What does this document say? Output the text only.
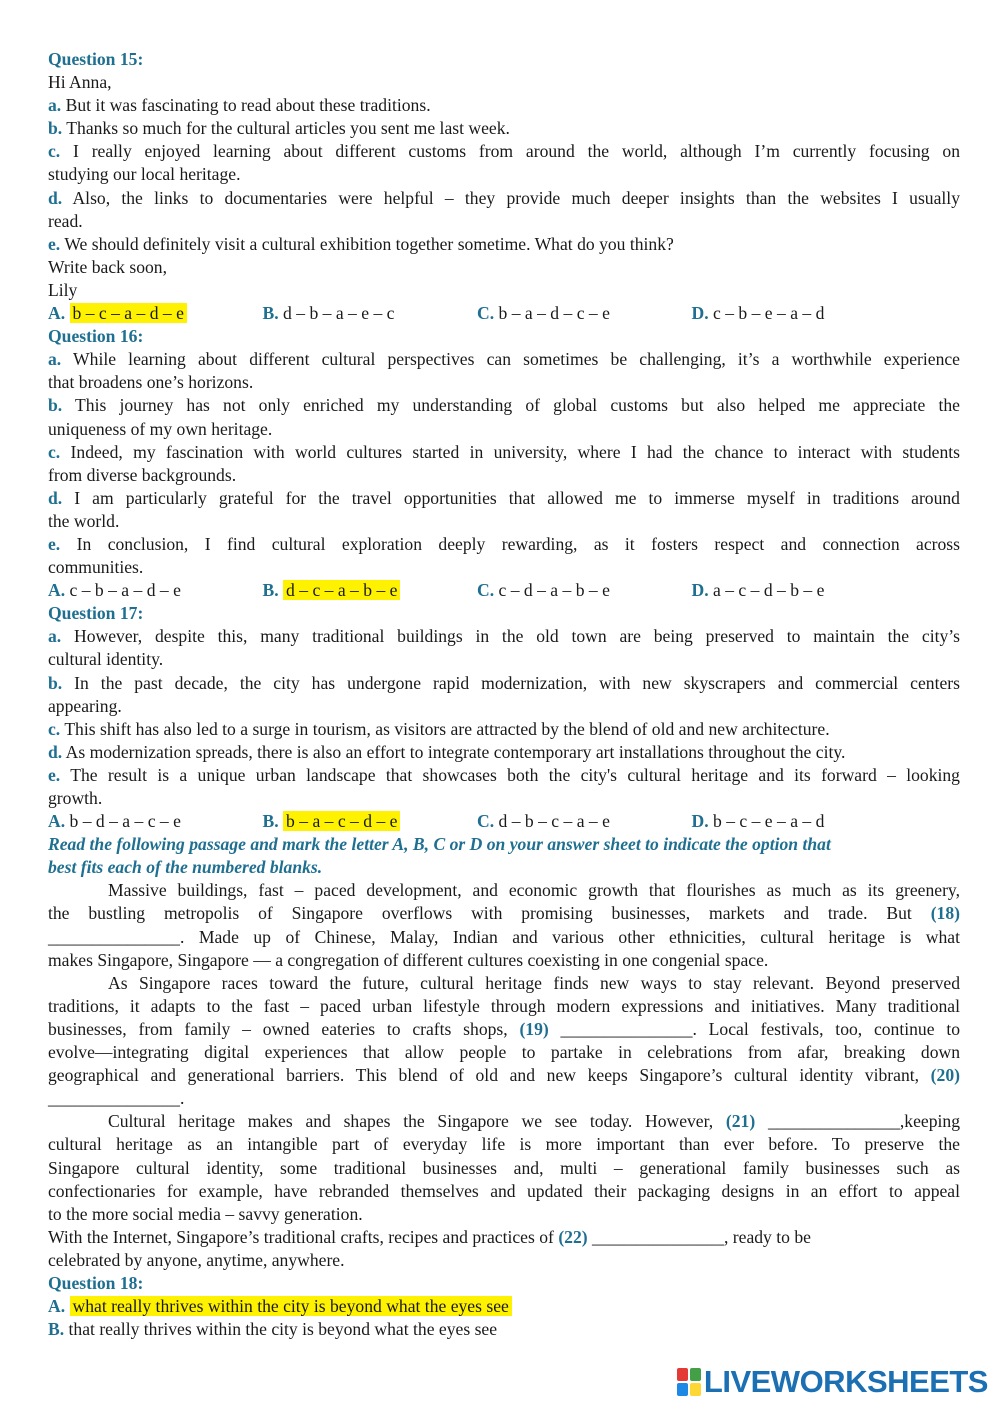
Question 15:
Hi Anna,
a. But it was fascinating to read about these traditions.
b. Thanks so much for the cultural articles you sent me last week.
c. I really enjoyed learning about different customs from around the world, although I’m currently focusing on
studying our local heritage.
d. Also, the links to documentaries were helpful – they provide much deeper insights than the websites I usually
read.
e. We should definitely visit a cultural exhibition together sometime. What do you think?
Write back soon,
Lily
A. b – c – a – d – e	B. d – b – a – e – c	C. b – a – d – c – e	D. c – b – e – a – d
Question 16:
a. While learning about different cultural perspectives can sometimes be challenging, it’s a worthwhile experience
that broadens one’s horizons.
b. This journey has not only enriched my understanding of global customs but also helped me appreciate the
uniqueness of my own heritage.
c. Indeed, my fascination with world cultures started in university, where I had the chance to interact with students
from diverse backgrounds.
d. I am particularly grateful for the travel opportunities that allowed me to immerse myself in traditions around
the world.
e. In conclusion, I find cultural exploration deeply rewarding, as it fosters respect and connection across
communities.
A. c – b – a – d – e	B. d – c – a – b – e	C. c – d – a – b – e	D. a – c – d – b – e
Question 17:
a. However, despite this, many traditional buildings in the old town are being preserved to maintain the city’s
cultural identity.
b. In the past decade, the city has undergone rapid modernization, with new skyscrapers and commercial centers
appearing.
c. This shift has also led to a surge in tourism, as visitors are attracted by the blend of old and new architecture.
d. As modernization spreads, there is also an effort to integrate contemporary art installations throughout the city.
e. The result is a unique urban landscape that showcases both the city's cultural heritage and its forward – looking
growth.
A. b – d – a – c – e	B. b – a – c – d – e	C. d – b – c – a – e	D. b – c – e – a – d
Read the following passage and mark the letter A, B, C or D on your answer sheet to indicate the option that
best fits each of the numbered blanks.
Massive buildings, fast – paced development, and economic growth that flourishes as much as its greenery,
the bustling metropolis of Singapore overflows with promising businesses, markets and trade. But (18)
_______________. Made up of Chinese, Malay, Indian and various other ethnicities, cultural heritage is what
makes Singapore, Singapore — a congregation of different cultures coexisting in one congenial space.
As Singapore races toward the future, cultural heritage finds new ways to stay relevant. Beyond preserved
traditions, it adapts to the fast – paced urban lifestyle through modern expressions and initiatives. Many traditional
businesses, from family – owned eateries to crafts shops, (19) _______________. Local festivals, too, continue to
evolve—integrating digital experiences that allow people to partake in celebrations from afar, breaking down
geographical and generational barriers. This blend of old and new keeps Singapore’s cultural identity vibrant, (20)
_______________.
Cultural heritage makes and shapes the Singapore we see today. However, (21) _______________,keeping
cultural heritage as an intangible part of everyday life is more important than ever before. To preserve the
Singapore cultural identity, some traditional businesses and, multi – generational family businesses such as
confectionaries for example, have rebranded themselves and updated their packaging designs in an effort to appeal
to the more social media – savvy generation.
With the Internet, Singapore’s traditional crafts, recipes and practices of (22) _______________, ready to be
celebrated by anyone, anytime, anywhere.
Question 18:
A. what really thrives within the city is beyond what the eyes see
B. that really thrives within the city is beyond what the eyes see
LIVEWORKSHEETS
